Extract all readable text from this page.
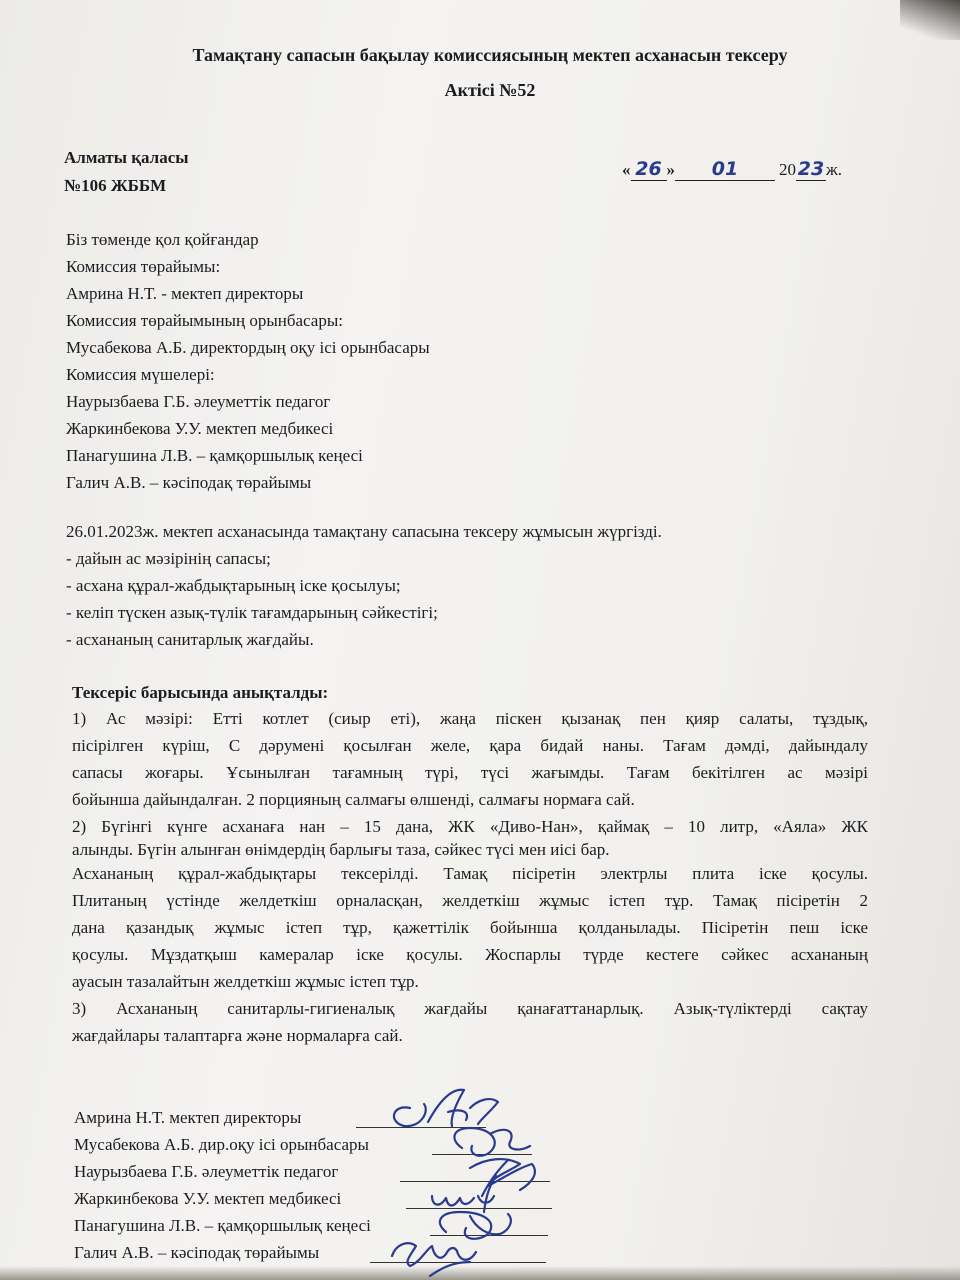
Тамақтану сапасын бақылау комиссиясының мектеп асханасын тексеру
Актісі №52
Алматы қаласы
№106 ЖББМ
« 26 » 01 2023 ж.
Біз төменде қол қойғандар
Комиссия төрайымы:
Амрина Н.Т. - мектеп директоры
Комиссия төрайымының орынбасары:
Мусабекова А.Б. директордың оқу ісі орынбасары
Комиссия мүшелері:
Наурызбаева Г.Б. әлеуметтік педагог
Жаркинбекова У.У. мектеп медбикесі
Панагушина Л.В. – қамқоршылық кеңесі
Галич А.В. – кәсіподақ төрайымы
26.01.2023ж. мектеп асханасында тамақтану сапасына тексеру жұмысын жүргізді.
- дайын ас мәзірінің сапасы;
- асхана құрал-жабдықтарының іске қосылуы;
- келіп түскен азық-түлік тағамдарының сәйкестігі;
- асхананың санитарлық жағдайы.
Тексеріс барысында анықталды:
1) Ас мәзірі: Етті котлет (сиыр еті), жаңа піскен қызанақ пен қияр салаты, тұздық,
пісірілген күріш, С дәрумені қосылған желе, қара бидай наны. Тағам дәмді, дайындалу
сапасы жоғары. Ұсынылған тағамның түрі, түсі жағымды. Тағам бекітілген ас мәзірі
бойынша дайындалған. 2 порцияның салмағы өлшенді, салмағы нормаға сай.
2) Бүгінгі күнге асханаға нан – 15 дана, ЖК «Диво-Нан», қаймақ – 10 литр, «Аяла» ЖК
алынды. Бүгін алынған өнімдердің барлығы таза, сәйкес түсі мен иісі бар.
Асхананың құрал-жабдықтары тексерілді. Тамақ пісіретін электрлы плита іске қосулы.
Плитаның үстінде желдеткіш орналасқан, желдеткіш жұмыс істеп тұр. Тамақ пісіретін 2
дана қазандық жұмыс істеп тұр, қажеттілік бойынша қолданылады. Пісіретін пеш іске
қосулы. Мұздатқыш камералар іске қосулы. Жоспарлы түрде кестеге сәйкес асхананың
ауасын тазалайтын желдеткіш жұмыс істеп тұр.
3) Асхананың санитарлы-гигиеналық жағдайы қанағаттанарлық. Азық-түліктерді сақтау
жағдайлары талаптарға және нормаларға сай.
Амрина Н.Т. мектеп директоры
Мусабекова А.Б. дир.оқу ісі орынбасары
Наурызбаева Г.Б. әлеуметтік педагог
Жаркинбекова У.У. мектеп медбикесі
Панагушина Л.В. – қамқоршылық кеңесі
Галич А.В. – кәсіподақ төрайымы
